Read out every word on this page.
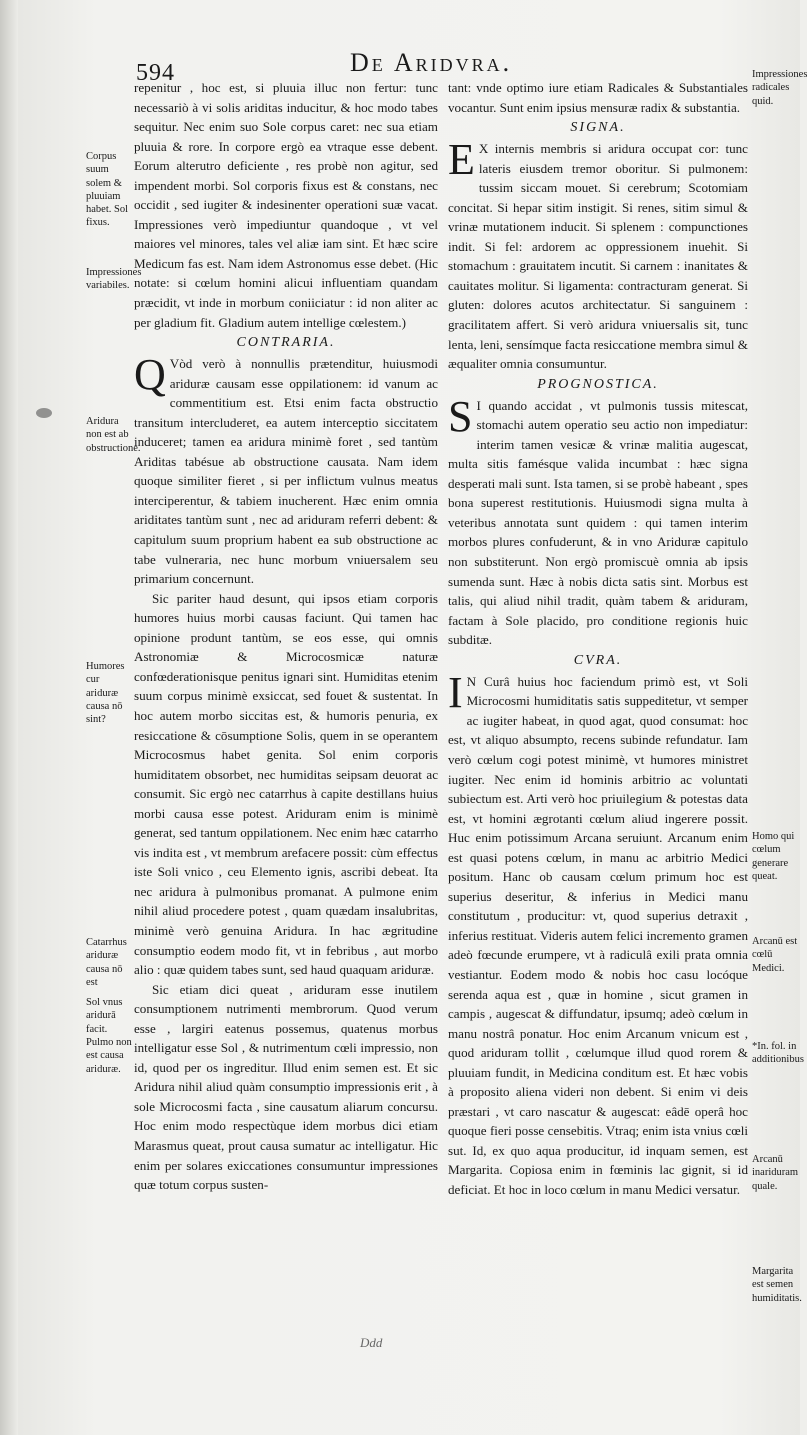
594	De Aridvra.
Corpus suum solem & pluuiam habet. Sol fixus.
Impressiones variabiles.
Aridura non est ab obstructione.
Humores cur ariduræ causa nō sint?
Catarrhus ariduræ causa nō est
Sol vnus aridurā facit.
Pulmo non est causa ariduræ.
Impressiones radicales quid.
Homo qui cœlum generare queat.
Arcanū est cœlū Medici.
*In. fol. in additionibus
Arcanū inariduram quale.
Margarita est semen humiditatis.

repenitur , hoc est, si pluuia illuc non fertur: tunc necessariò à vi solis ariditas inducitur, & hoc modo tabes sequitur. Nec enim suo Sole corpus caret: nec sua etiam pluuia & rore. In corpore ergò ea vtraque esse debent. Eorum alterutro deficiente , res probè non agitur, sed impendent morbi. Sol corporis fixus est & constans, nec occidit , sed iugiter & indesinenter operationi suæ vacat. Impressiones verò impediuntur quandoque , vt vel maiores vel minores, tales vel aliæ iam sint. Et hæc scire Medicum fas est. Nam idem Astronomus esse debet. (Hic notate: si cœlum homini alicui influentiam quandam præcidit, vt inde in morbum coniiciatur : id non aliter ac per gladium fit. Gladium autem intellige cœlestem.)

CONTRARIA.

Q Vòd verò à nonnullis prætenditur, huiusmodi ariduræ causam esse oppilationem: id vanum ac commentitium est. Etsi enim facta obstructio transitum intercluderet, ea autem interceptio siccitatem induceret; tamen ea aridura minimè foret , sed tantùm Ariditas tabésue ab obstructione causata. Nam idem quoque similiter fieret , si per inflictum vulnus meatus interciperentur, & tabiem inucherent. Hæc enim omnia ariditates tantùm sunt , nec ad ariduram referri debent: & capitulum suum proprium habent ea sub obstructione ac tabe vulneraria, nec hunc morbum vniuersalem seu primarium concernunt.

Sic pariter haud desunt, qui ipsos etiam corporis humores huius morbi causas faciunt. Qui tamen hac opinione produnt tantùm, se eos esse, qui omnis Astronomiæ & Microcosmicæ naturæ confœderationisque penitus ignari sint. Humiditas etenim suum corpus minimè exsiccat, sed fouet & sustentat. In hoc autem morbo siccitas est, & humoris penuria, ex resiccatione & cōsumptione Solis, quem in se operantem Microcosmus habet genita. Sol enim corporis humiditatem obsorbet, nec humiditas seipsam deuorat ac consumit. Sic ergò nec catarrhus à capite destillans huius morbi causa esse potest. Ariduram enim is minimè generat, sed tantum oppilationem. Nec enim hæc catarrho vis indita est , vt membrum arefacere possit: cùm effectus iste Soli vnico , ceu Elemento ignis, ascribi debeat. Ita nec aridura à pulmonibus promanat. A pulmone enim nihil aliud procedere potest , quam quædam insalubritas, minimè verò genuina Aridura. In hac ægritudine consumptio eodem modo fit, vt in febribus , aut morbo alio : quæ quidem tabes sunt, sed haud quaquam ariduræ.

Sic etiam dici queat , ariduram esse inutilem consumptionem nutrimenti membrorum. Quod verum esse , largiri eatenus possemus, quatenus morbus intelligatur esse Sol , & nutrimentum cœli impressio, non id, quod per os ingreditur. Illud enim semen est. Et sic Aridura nihil aliud quàm consumptio impressionis erit , à sole Microcosmi facta , sine causatum aliarum concursu. Hoc enim modo respectùque idem morbus dici etiam Marasmus queat, prout causa sumatur ac intelligatur. Hic enim per solares exiccationes consumuntur impressiones quæ totum corpus susten-

tant: vnde optimo iure etiam Radicales & Substantiales vocantur. Sunt enim ipsius mensuræ radix & substantia.

SIGNA.

E X internis membris si aridura occupat cor: tunc lateris eiusdem tremor oboritur. Si pulmonem: tussim siccam mouet. Si cerebrum; Scotomiam concitat. Si hepar sitim instigit. Si renes, sitim simul & vrinæ mutationem inducit. Si splenem : compunctiones indit. Si fel: ardorem ac oppressionem inuehit. Si stomachum : grauitatem incutit. Si carnem : inanitates & cauitates molitur. Si ligamenta: contracturam generat. Si gluten: dolores acutos architectatur. Si sanguinem : gracilitatem affert. Si verò aridura vniuersalis sit, tunc lenta, leni, sensímque facta resiccatione membra simul & æqualiter omnia consumuntur.

PROGNOSTICA.

S I quando accidat , vt pulmonis tussis mitescat, stomachi autem operatio seu actio non impediatur: interim tamen vesicæ & vrinæ malitia augescat, multa sitis famésque valida incumbat : hæc signa desperati mali sunt. Ista tamen, si se probè habeant , spes bona superest restitutionis. Huiusmodi signa multa à veteribus annotata sunt quidem : qui tamen interim morbos plures confuderunt, & in vno Ariduræ capitulo non substiterunt. Non ergò promiscuè omnia ab ipsis sumenda sunt. Hæc à nobis dicta satis sint. Morbus est talis, qui aliud nihil tradit, quàm tabem & ariduram, factam à Sole placido, pro conditione regionis huic subditæ.

CVRA.

I N Curâ huius hoc faciendum primò est, vt Soli Microcosmi humiditatis satis suppeditetur, vt semper ac iugiter habeat, in quod agat, quod consumat: hoc est, vt aliquo absumpto, recens subinde refundatur. Iam verò cœlum cogi potest minimè, vt humores ministret iugiter. Nec enim id hominis arbitrio ac voluntati subiectum est. Arti verò hoc priuilegium & potestas data est, vt homini ægrotanti cœlum aliud ingerere possit. Huc enim potissimum Arcana seruiunt. Arcanum enim est quasi potens cœlum, in manu ac arbitrio Medici positum. Hanc ob causam cœlum primum hoc est superius deseritur, & inferius in Medici manu constitutum , producitur: vt, quod superius detraxit , inferius restituat. Videris autem felici incremento gramen adeò fœcunde erumpere, vt à radiculâ exili prata omnia vestiantur. Eodem modo & nobis hoc casu locóque serenda aqua est , quæ in homine , sicut gramen in campis , augescat & diffundatur, ipsumq; adeò cœlum in manu nostrâ ponatur. Hoc enim Arcanum vnicum est , quod ariduram tollit , cœlumque illud quod rorem & pluuiam fundit, in Medicina conditum est. Et hæc vobis à proposito aliena videri non debent. Si enim vi deis præstari , vt caro nascatur & augescat: eâdē operâ hoc quoque fieri posse censebitis. Vtraq; enim ista vnius cœli sut. Id, ex quo aqua producitur, id inquam semen, est Margarita. Copiosa enim in fœminis lac gignit, si id deficiat. Et hoc in loco cœlum in manu Medici versatur.

Ddd
